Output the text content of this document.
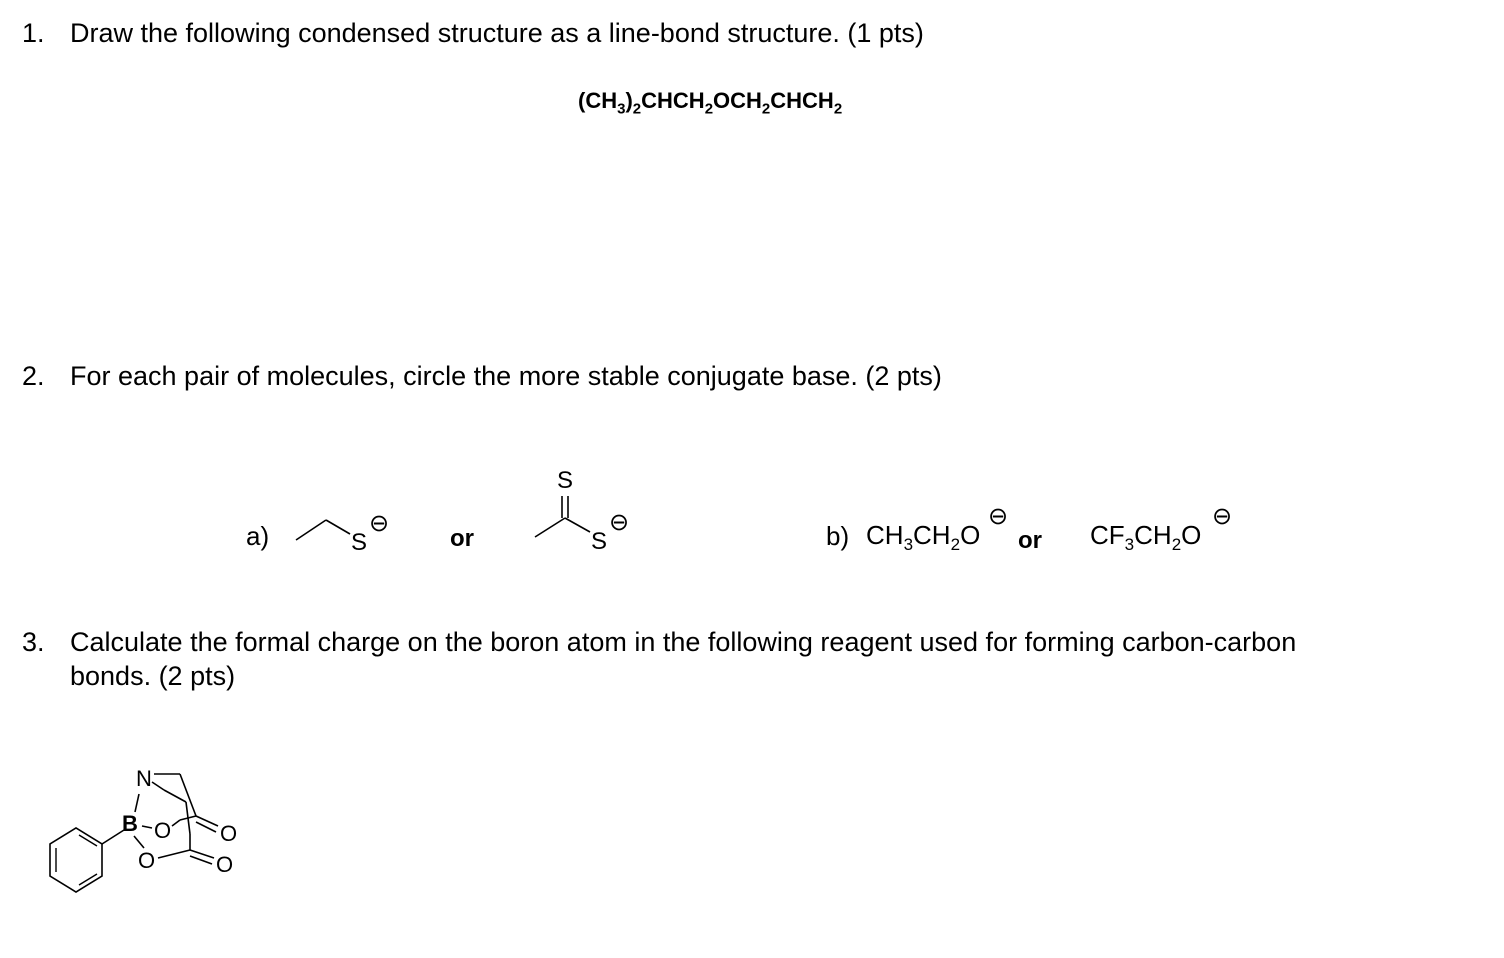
1. Draw the following condensed structure as a line-bond structure. (1 pts)
$(CH_3)_2CHCH_2OCH_2CHCH_2$
2. For each pair of molecules, circle the more stable conjugate base. (2 pts)
a)	S
⊖
or
S
S
⊖	b) $CH_3CH_2O$
⊖
or $CF_3CH_2O$
⊖
3. Calculate the formal charge on the boron atom in the following reagent used for forming carbon-carbon
bonds. (2 pts)
B
N
O O
O	O
